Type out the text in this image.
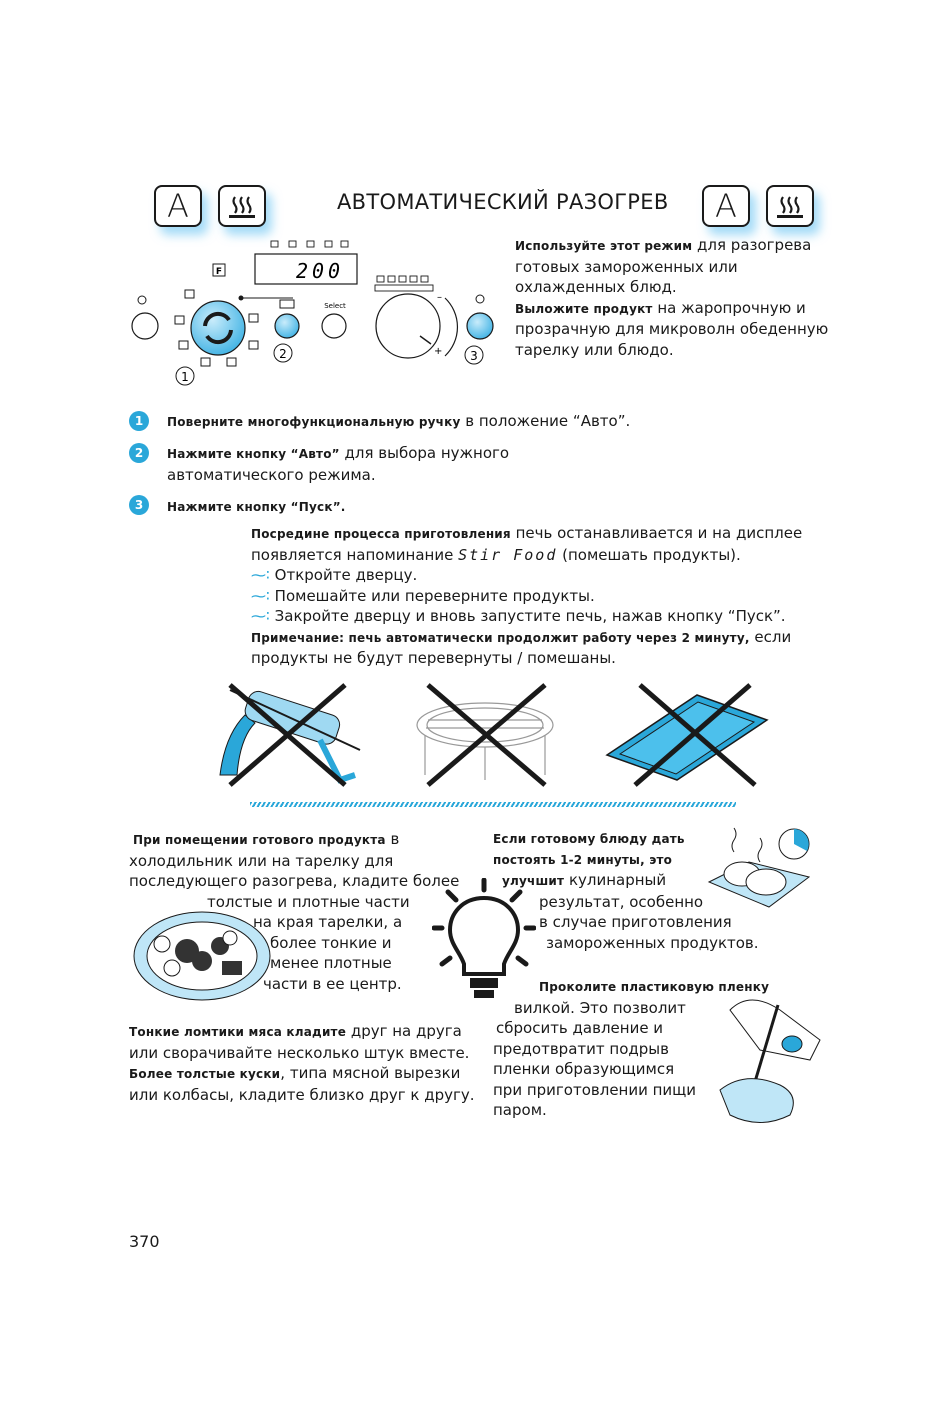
A	АВТОМАТИЧЕСКИЙ РАЗОГРЕВ	A
F	200
Select
–
+
1
2	3
Используйте этот режим для разогрева
готовых замороженных или
охлажденных блюд.
Выложите продукт на жаропрочную и
прозрачную для микроволн обеденную
тарелку или блюдо.
1	Поверните многофункциональную ручку в положение “Авто”.
2	Нажмите кнопку “Авто” для выбора нужного
автоматического режима.
3	Нажмите кнопку “Пуск”.
Посредине процесса приготовления печь останавливается и на дисплее
появляется напоминание Stir Food (помешать продукты).
⁓∶ Откройте дверцу.
⁓∶ Помешайте или переверните продукты.
⁓∶ Закройте дверцу и вновь запустите печь, нажав кнопку “Пуск”.
Примечание: печь автоматически продолжит работу через 2 минуту, если
продукты не будут перевернуты / помешаны.
При помещении готового продукта в
холодильник или на тарелку для
последующего разогрева, кладите более
толстые и плотные части
на края тарелки, а
более тонкие и
менее плотные
части в ее центр.
Тонкие ломтики мяса кладите друг на друга
или сворачивайте несколько штук вместе.
Более толстые куски, типа мясной вырезки
или колбасы, кладите близко друг к другу.
Если готовому блюду дать
постоять 1-2 минуты, это
улучшит кулинарный
результат, особенно
в случае приготовления
замороженных продуктов.
Проколите пластиковую пленку
вилкой. Это позволит
сбросить давление и
предотвратит подрыв
пленки образующимся
при приготовлении пищи
паром.
370
